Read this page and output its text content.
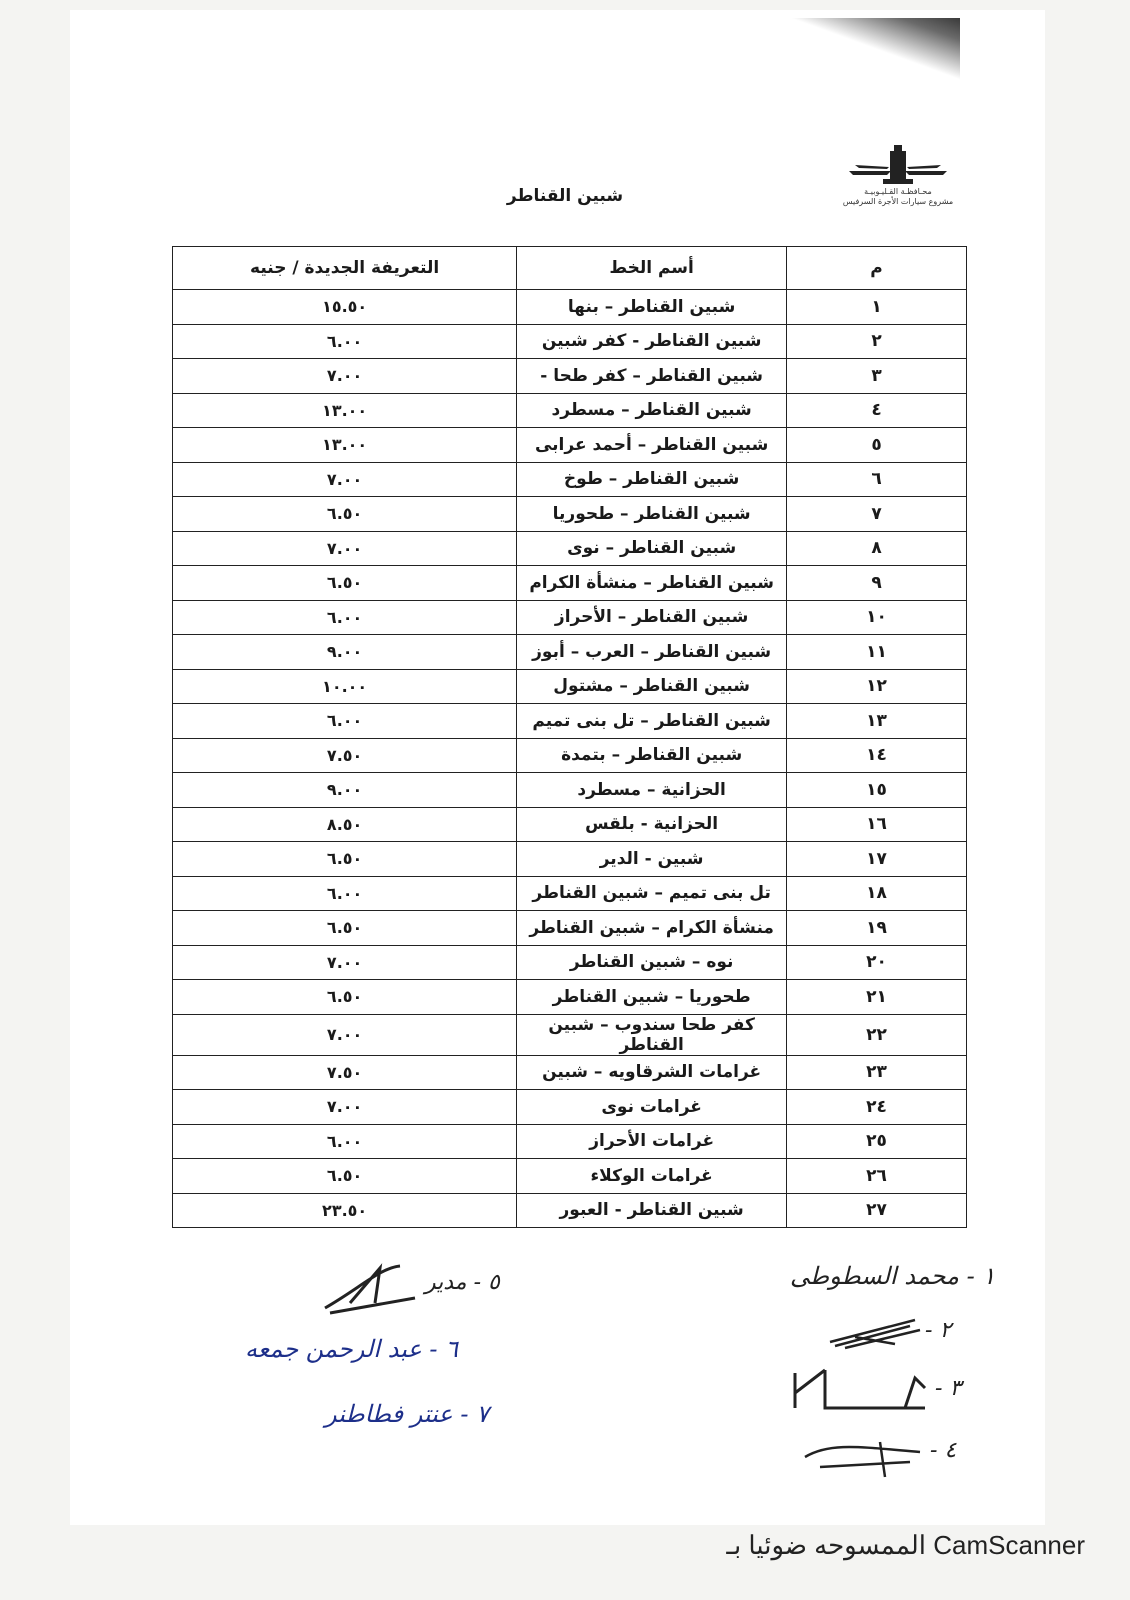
محـافظـة القـليـوبيـة
مشروع سيارات الأجرة السرفيس
شبين القناطر
م	أسم الخط	التعريفة الجديدة / جنيه
١	شبين القناطر – بنها	١٥.٥٠
٢	شبين القناطر - كفر شبين	٦.٠٠
٣	شبين القناطر – كفر طحا -	٧.٠٠
٤	شبين القناطر – مسطرد	١٣.٠٠
٥	شبين القناطر – أحمد عرابى	١٣.٠٠
٦	شبين القناطر – طوخ	٧.٠٠
٧	شبين القناطر – طحوريا	٦.٥٠
٨	شبين القناطر – نوى	٧.٠٠
٩	شبين القناطر – منشأة الكرام	٦.٥٠
١٠	شبين القناطر – الأحراز	٦.٠٠
١١	شبين القناطر – العرب – أبوز	٩.٠٠
١٢	شبين القناطر – مشتول	١٠.٠٠
١٣	شبين القناطر – تل بنى تميم	٦.٠٠
١٤	شبين القناطر – بتمدة	٧.٥٠
١٥	الحزانية – مسطرد	٩.٠٠
١٦	الحزانية - بلقس	٨.٥٠
١٧	شبين - الدير	٦.٥٠
١٨	تل بنى تميم – شبين القناطر	٦.٠٠
١٩	منشأة الكرام – شبين القناطر	٦.٥٠
٢٠	نوه – شبين القناطر	٧.٠٠
٢١	طحوريا – شبين القناطر	٦.٥٠
٢٢	كفر طحا سندوب – شبين القناطر	٧.٠٠
٢٣	غرامات الشرقاويه – شبين	٧.٥٠
٢٤	غرامات نوى	٧.٠٠
٢٥	غرامات الأحراز	٦.٠٠
٢٦	غرامات الوكلاء	٦.٥٠
٢٧	شبين القناطر - العبور	٢٣.٥٠
١ - محمد السطوطى
٢ -
٣ -
٤ -
٥ - مدير
٦ - عبد الرحمن جمعه
٧ - عنتر فطاطنر
الممسوحه ضوئيا بـ CamScanner
